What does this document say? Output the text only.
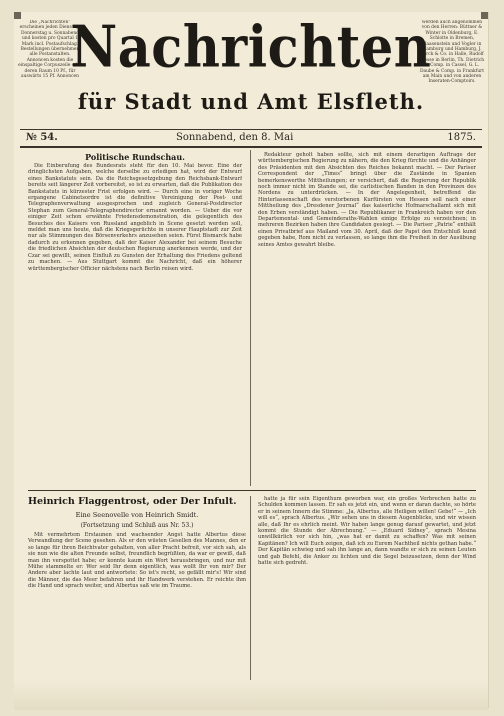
Die „Nachrichten“ erscheinen jeden Dienstag, Donnerstag u. Sonnabend und kosten pro Quartal 1 Mark incl. Postaufschlag. Bestellungen übernehmen alle Postanstalten. Annoncen kosten die einspaltige Corpuszeile oder deren Raum 10 Pf., für auswärts 15 Pf. Annoncen
werden auch angenommen von den Herren: Büttner & Winter in Oldenburg, E. Schlotte in Bremen, Haasenstein und Vogler in Hamburg und Hamburg, J. Barck & Co. in Halle, Rudolf Mosse in Berlin, Th. Dietrich & Comp. in Cassel, G. L. Daube & Comp. in Frankfurt am Main und von anderen Inseraten-Comptoirs.
Nachrichten
für Stadt und Amt Elsfleth.
№ 54.	Sonnabend, den 8. Mai	1875.
Politische Rundschau.

Die Einberufung des Bundesrats steht für den 10. Mai bevor. Eine der dringlichsten Aufgaben, welche derselbe zu erledigen hat, wird der Entwurf eines Bankstatuts sein. Da die Reichsgesetzgebung den Reichsbank-Entwurf bereits seit längerer Zeit vorbereitet, so ist zu erwarten, daß die Publikation des Bankstatuts in kürzester Frist erfolgen wird. — Durch eine in voriger Woche ergangene Cabinetsordre ist die definitive Vereinigung der Post- und Telegraphenverwaltung ausgesprochen und zugleich General-Postdirector Stephan zum General-Telegraphendirector ernannt worden. — Ueber die vor einiger Zeit schon erwähnte Friedensdemonstration, die gelegentlich des Besuches des Kaisers von Russland angeblich in Scene gesetzt werden soll, meldet man uns heute, daß die Kriegsgerüchte in unserer Hauptstadt zur Zeit nur als Stimmungen des Börsenverkehrs anzusehen seien. Fürst Bismarck habe dadurch zu erkennen gegeben, daß der Kaiser Alexander bei seinem Besuche die friedlichen Absichten der deutschen Regierung anerkennen werde, und der Czar sei gewillt, seinen Einfluß zu Gunsten der Erhaltung des Friedens geltend zu machen. — Aus Stuttgart kommt die Nachricht, daß ein höherer württembergischer Officier nächstens nach Berlin reisen wird.

Redakteur geholt haben sollte, sich mit einem derartigen Auftrage der württembergischen Regierung zu nähern, die den Krieg fürchte und die Anhänger des Präsidenten mit den Absichten des Reiches bekannt macht. — Der Pariser Correspondent der „Times“ bringt über die Zustände in Spanien bemerkenswerthe Mittheilungen; er versichert, daß die Regierung der Republik noch immer nicht im Stande sei, die carlistischen Banden in den Provinzen des Nordens zu unterdrücken. — In der Angelegenheit, betreffend die Hinterlassenschaft des verstorbenen Kurfürsten von Hessen soll nach einer Mittheilung des „Dresdener Journal“ das kaiserliche Hofmarschallamt sich mit den Erben verständigt haben. — Die Republikaner in Frankreich haben vor den Departemental- und Gemeinderaths-Wahlen einige Erfolge zu verzeichnen; in mehreren Bezirken haben ihre Candidaten gesiegt. — Die Pariser „Patrie“ enthält einen Privatbrief aus Mailand vom 30. April, daß der Papst den Entschluß kund gegeben habe, Rom nicht zu verlassen, so lange ihm die Freiheit in der Ausübung seines Amtes gewahrt bleibe.

Heinrich Flaggentrost, oder Der Infult.
Eine Seenovelle von Heinrich Smidt.
(Fortsetzung und Schluß aus Nr. 53.)

Mit vermehrtem Erstaunen und wachsender Angst hatte Albertus diese Verwandlung der Scene gesehen. Als er den wüsten Gesellen des Mannes, den er so lange für ihren Beichtvater gehalten, von aller Pracht befreit, vor sich sah, als sie nun wie die alten Freunde selbst, freundlich begrüßten, da war er gewiß, daß man ihn verspottet habe; er konnte kaum ein Wort herausbringen, und nur mit Mühe stammelte er: Wer seid Ihr denn eigentlich, was wollt Ihr von mir? Der Andere aber lachte laut und antwortete: So ist's recht, so gefällt mir's! Wir sind die Männer, die das Meer befahren und ihr Handwerk verstehen. Er reichte ihm die Hand und sprach weiter, und Albertus saß wie im Traume.

hatte ja für sein Eigenthum geworben war, ein großes Verbrechen hatte zu Schulden kommen lassen. Er sah es jetzt ein, und wenn er daran dachte, so hörte er in seinem Innern die Stimme: „Ja, Albertus, alle Heiligen willen! Gebe!“ — „Ich will es“, sprach Albertus. „Wir sehen uns in diesem Augenblicke, und wir wissen alle, daß Ihr es ehrlich meint. Wir haben lange genug darauf gewartet, und jetzt kommt die Stunde der Abrechnung.“ — „Eduard Sidney“, sprach Mesina unwillkürlich vor sich hin, „was hat er damit zu schaffen? Was mit seinen Kapitänen? Ich will Euch zeigen, daß ich zu Eurem Nachtheil nichts gethan habe.“ Der Kapitän schwieg und sah ihn lange an, dann wandte er sich zu seinen Leuten und gab Befehl, die Anker zu lichten und die Segel beizusetzen, denn der Wind hatte sich gedreht.
